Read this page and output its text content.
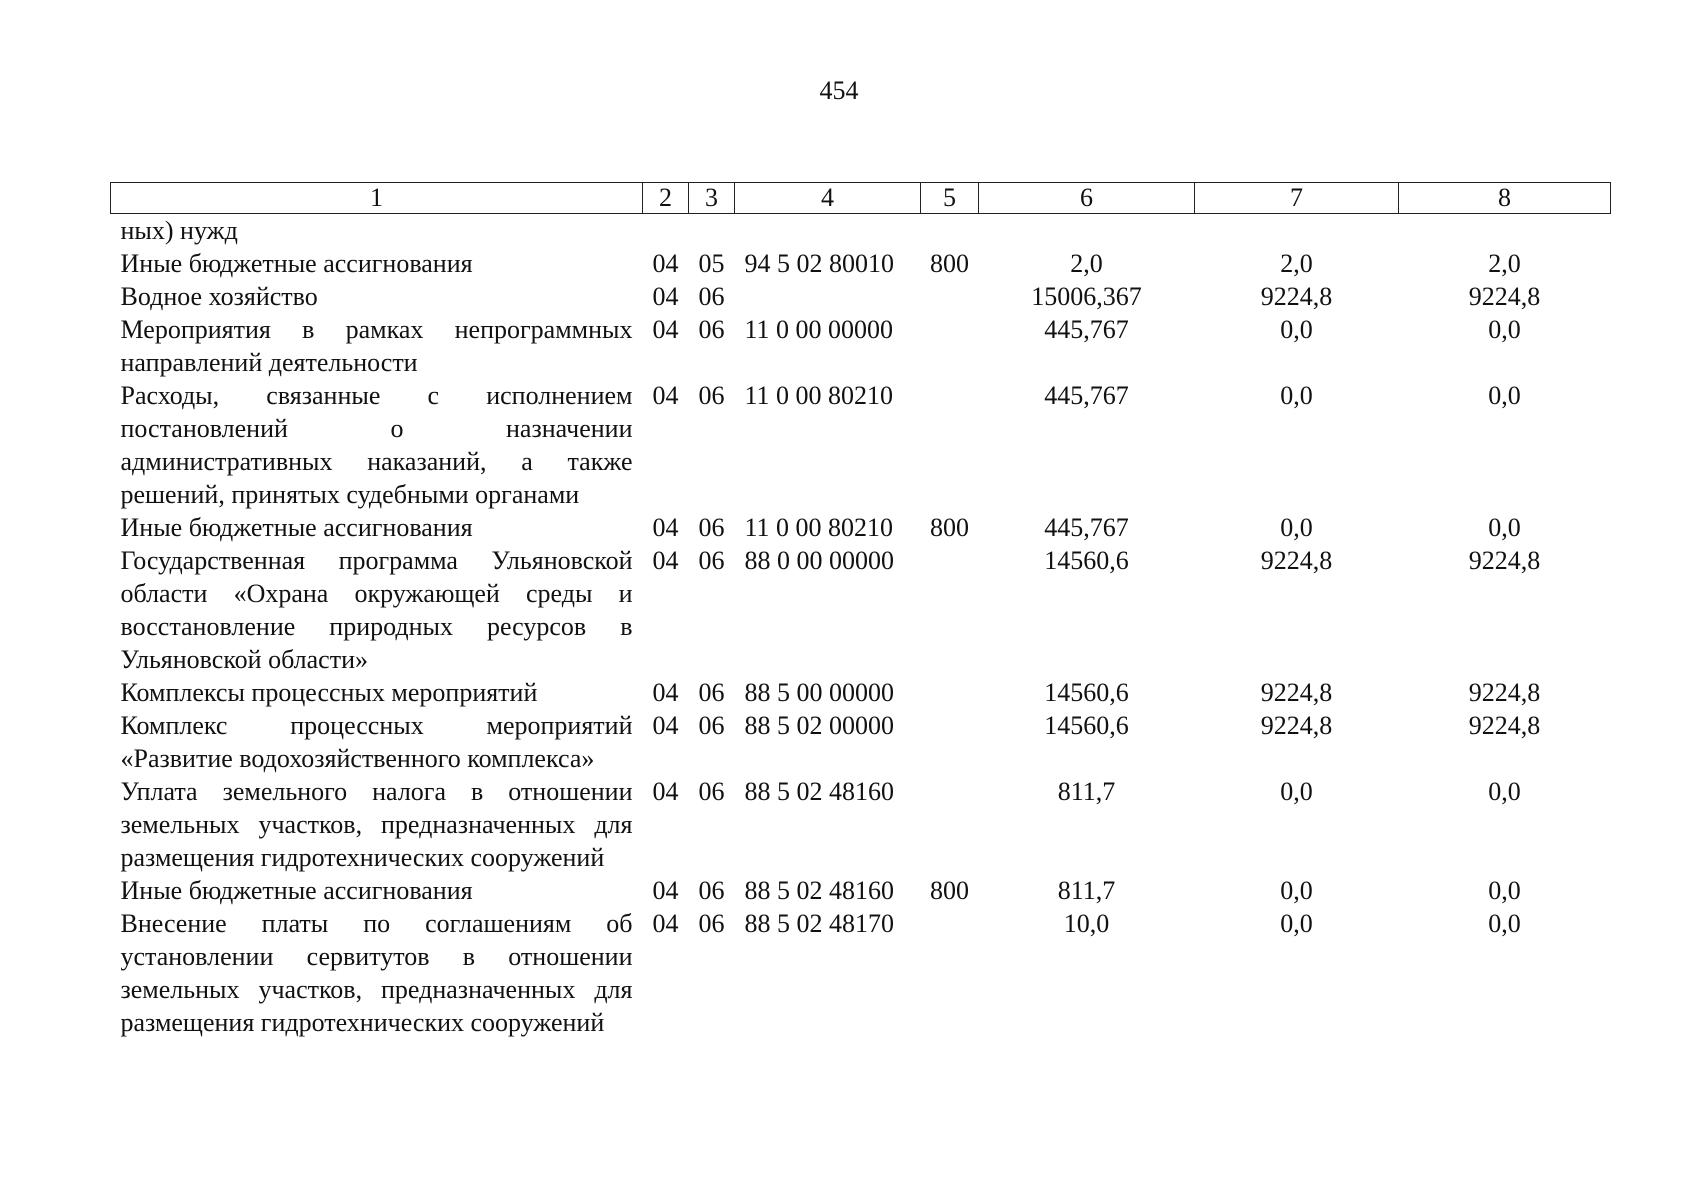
454
1	2	3	4	5	6	7	8
ных) нужд							
Иные бюджетные ассигнования	04	05	94 5 02 80010	800	2,0	2,0	2,0
Водное хозяйство	04	06			15006,367	9224,8	9224,8
Мероприятия в рамках непрограммных направлений деятельности	04	06	11 0 00 00000		445,767	0,0	0,0
Расходы, связанные с исполнением постановлений о назначении административных наказаний, а также решений, принятых судебными органами	04	06	11 0 00 80210		445,767	0,0	0,0
Иные бюджетные ассигнования	04	06	11 0 00 80210	800	445,767	0,0	0,0
Государственная программа Ульяновской области «Охрана окружающей среды и восстановление природных ресурсов в Ульяновской области»	04	06	88 0 00 00000		14560,6	9224,8	9224,8
Комплексы процессных мероприятий	04	06	88 5 00 00000		14560,6	9224,8	9224,8
Комплекс процессных мероприятий «Развитие водохозяйственного комплекса»	04	06	88 5 02 00000		14560,6	9224,8	9224,8
Уплата земельного налога в отношении земельных участков, предназначенных для размещения гидротехнических сооружений	04	06	88 5 02 48160		811,7	0,0	0,0
Иные бюджетные ассигнования	04	06	88 5 02 48160	800	811,7	0,0	0,0
Внесение платы по соглашениям об установлении сервитутов в отношении земельных участков, предназначенных для размещения гидротехнических сооружений	04	06	88 5 02 48170		10,0	0,0	0,0
